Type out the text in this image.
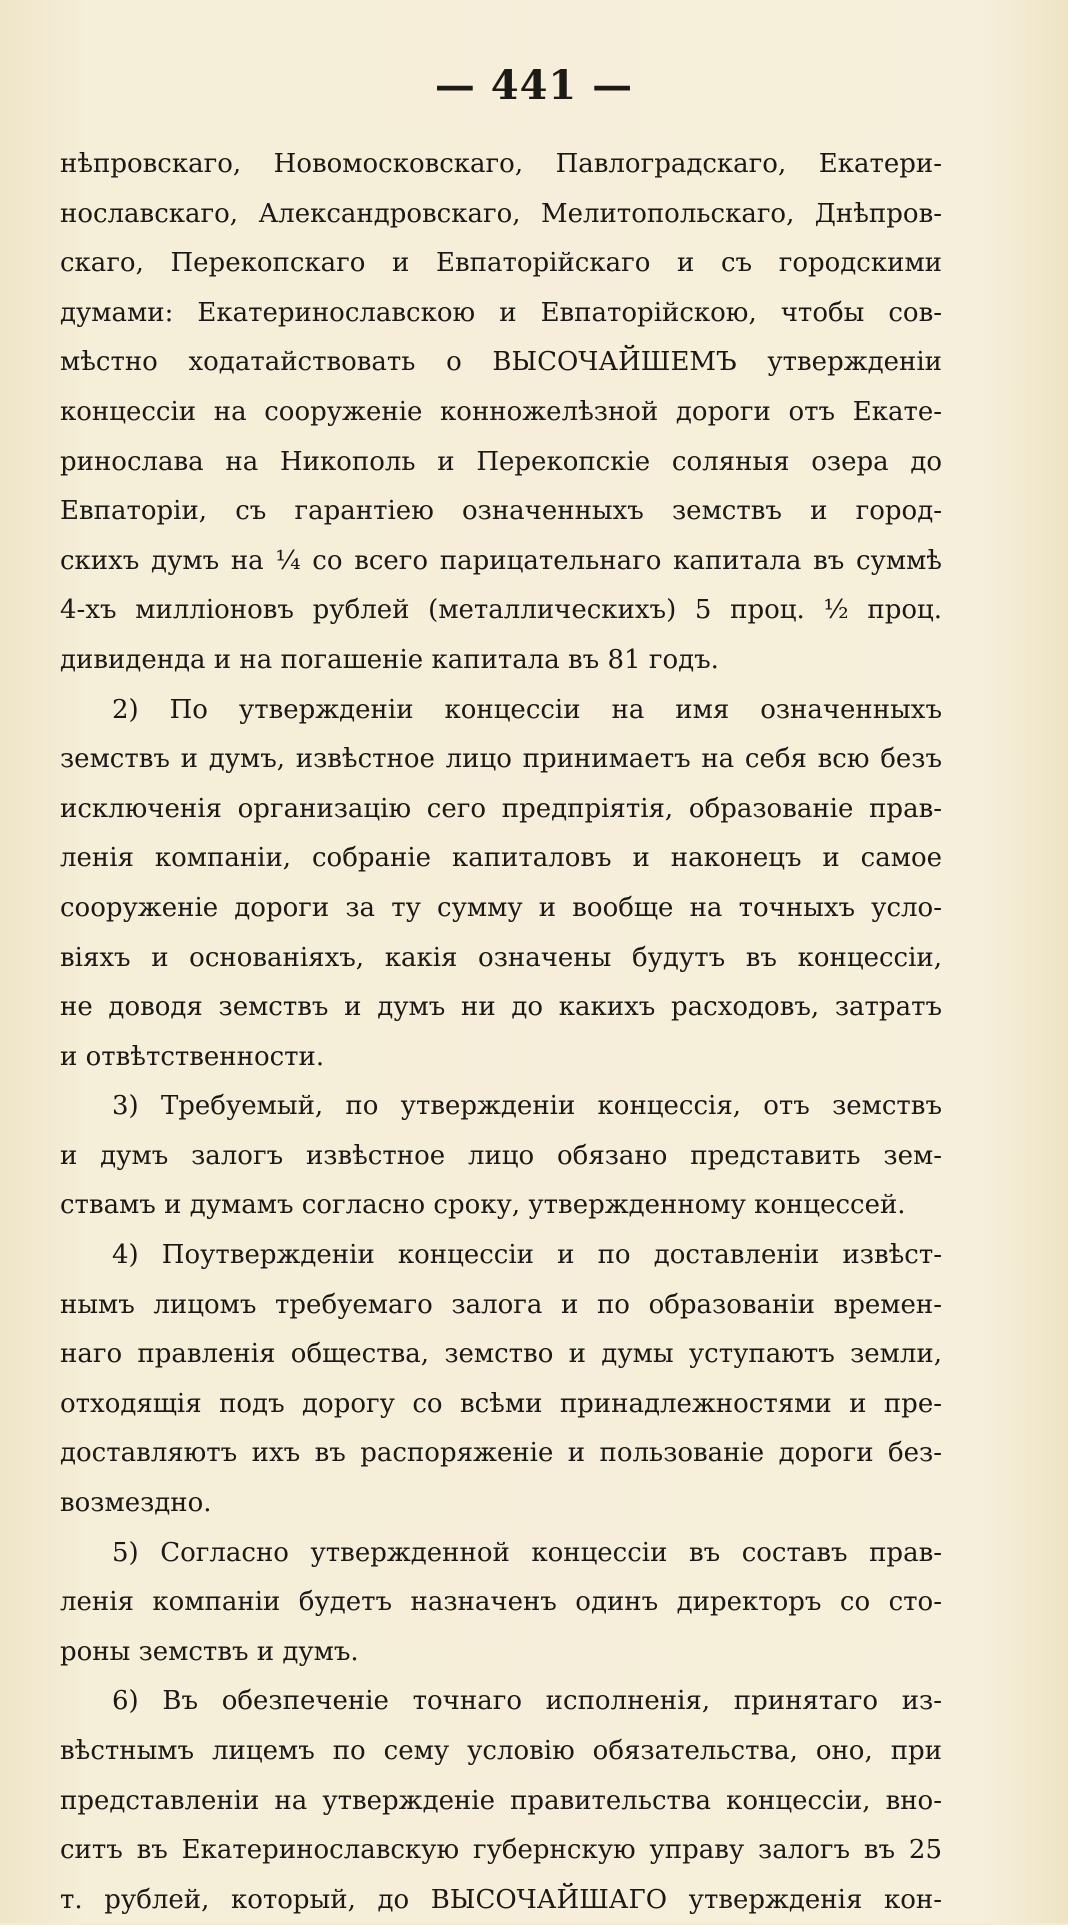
— 441 —
нѣпровскаго, Новомосковскаго, Павлоградскаго, Екатери-
нославскаго, Александровскаго, Мелитопольскаго, Днѣпров-
скаго, Перекопскаго и Евпаторійскаго и съ городскими
думами: Екатеринославскою и Евпаторійскою, чтобы сов-
мѣстно ходатайствовать о ВЫСОЧАЙШЕМЪ утвержденіи
концессіи на сооруженіе конножелѣзной дороги отъ Екате-
ринослава на Никополь и Перекопскіе соляныя озера до
Евпаторіи, съ гарантіею означенныхъ земствъ и город-
скихъ думъ на ¼ со всего парицательнаго капитала въ суммѣ
4-хъ милліоновъ рублей (металлическихъ) 5 проц. ½ проц.
дивиденда и на погашеніе капитала въ 81 годъ.
2) По утвержденіи концессіи на имя означенныхъ
земствъ и думъ, извѣстное лицо принимаетъ на себя всю безъ
исключенія организацію сего предпріятія, образованіе прав-
ленія компаніи, собраніе капиталовъ и наконецъ и самое
сооруженіе дороги за ту сумму и вообще на точныхъ усло-
віяхъ и основаніяхъ, какія означены будутъ въ концессіи,
не доводя земствъ и думъ ни до какихъ расходовъ, затратъ
и отвѣтственности.
3) Требуемый, по утвержденіи концессія, отъ земствъ
и думъ залогъ извѣстное лицо обязано представить зем-
ствамъ и думамъ согласно сроку, утвержденному концессей.
4) Поутвержденіи концессіи и по доставленіи извѣст-
нымъ лицомъ требуемаго залога и по образованіи времен-
наго правленія общества, земство и думы уступаютъ земли,
отходящія подъ дорогу со всѣми принадлежностями и пре-
доставляютъ ихъ въ распоряженіе и пользованіе дороги без-
возмездно.
5) Согласно утвержденной концессіи въ составъ прав-
ленія компаніи будетъ назначенъ одинъ директоръ со сто-
роны земствъ и думъ.
6) Въ обезпеченіе точнаго исполненія, принятаго из-
вѣстнымъ лицемъ по сему условію обязательства, оно, при
представленіи на утвержденіе правительства концессіи, вно-
ситъ въ Екатеринославскую губернскую управу залогъ въ 25
т. рублей, который, до ВЫСОЧАЙШАГО утвержденія кон-
